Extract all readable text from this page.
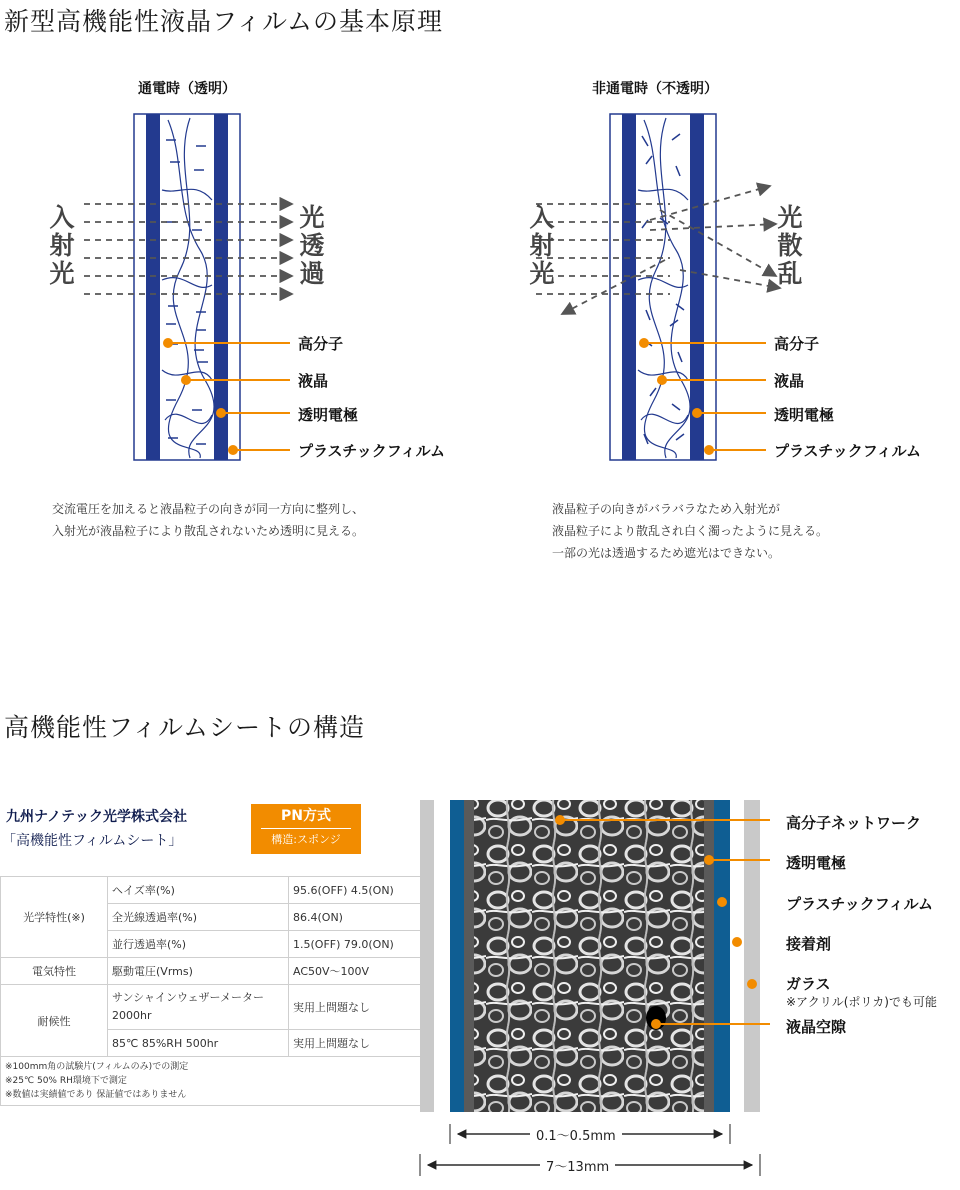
新型高機能性液晶フィルムの基本原理
通電時（透明）	非通電時（不透明）
入
射
光
光
透
過
高分子
液晶
透明電極
プラスチックフィルム
交流電圧を加えると液晶粒子の向きが同一方向に整列し、
入射光が液晶粒子により散乱されないため透明に見える。
入
射
光
光
散
乱
高分子
液晶
透明電極
プラスチックフィルム
液晶粒子の向きがバラバラなため入射光が
液晶粒子により散乱され白く濁ったように見える。
一部の光は透過するため遮光はできない。
高機能性フィルムシートの構造
九州ナノテック光学株式会社
「高機能性フィルムシート」
PN方式
構造:スポンジ
光学特性(※)	ヘイズ率(%)	95.6(OFF) 4.5(ON)
	全光線透過率(%)	86.4(ON)
	並行透過率(%)	1.5(OFF) 79.0(ON)
電気特性	駆動電圧(Vrms)	AC50V〜100V
耐候性	サンシャインウェザーメーター
2000hr	実用上問題なし
	85℃ 85%RH 500hr	実用上問題なし

※100mm角の試験片(フィルムのみ)での測定
※25℃ 50% RH環境下で測定
※数値は実績値であり 保証値ではありません		
高分子ネットワーク
透明電極
プラスチックフィルム
接着剤
ガラス
※アクリル(ポリカ)でも可能
液晶空隙
0.1〜0.5mm
7〜13mm
